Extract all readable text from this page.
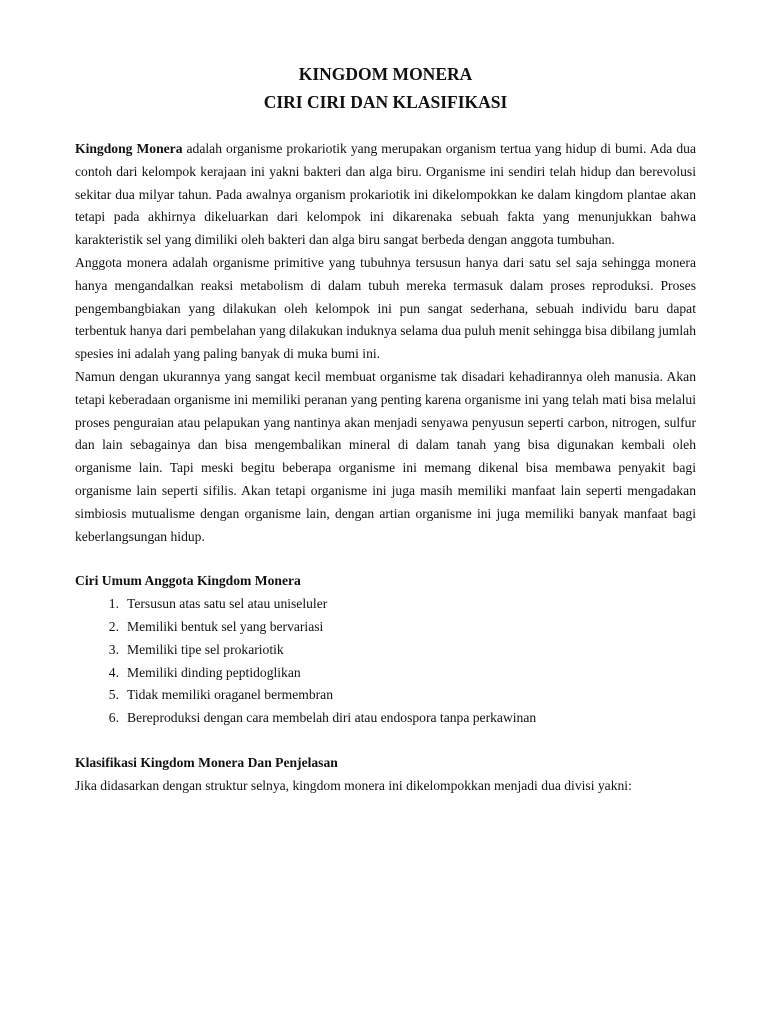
KINGDOM MONERA
CIRI CIRI DAN KLASIFIKASI

Kingdong Monera adalah organisme prokariotik yang merupakan organism tertua yang hidup di bumi. Ada dua contoh dari kelompok kerajaan ini yakni bakteri dan alga biru. Organisme ini sendiri telah hidup dan berevolusi sekitar dua milyar tahun. Pada awalnya organism prokariotik ini dikelompokkan ke dalam kingdom plantae akan tetapi pada akhirnya dikeluarkan dari kelompok ini dikarenaka sebuah fakta yang menunjukkan bahwa karakteristik sel yang dimiliki oleh bakteri dan alga biru sangat berbeda dengan anggota tumbuhan.

Anggota monera adalah organisme primitive yang tubuhnya tersusun hanya dari satu sel saja sehingga monera hanya mengandalkan reaksi metabolism di dalam tubuh mereka termasuk dalam proses reproduksi. Proses pengembangbiakan yang dilakukan oleh kelompok ini pun sangat sederhana, sebuah individu baru dapat terbentuk hanya dari pembelahan yang dilakukan induknya selama dua puluh menit sehingga bisa dibilang jumlah spesies ini adalah yang paling banyak di muka bumi ini.

Namun dengan ukurannya yang sangat kecil membuat organisme tak disadari kehadirannya oleh manusia. Akan tetapi keberadaan organisme ini memiliki peranan yang penting karena organisme ini yang telah mati bisa melalui proses penguraian atau pelapukan yang nantinya akan menjadi senyawa penyusun seperti carbon, nitrogen, sulfur dan lain sebagainya dan bisa mengembalikan mineral di dalam tanah yang bisa digunakan kembali oleh organisme lain. Tapi meski begitu beberapa organisme ini memang dikenal bisa membawa penyakit bagi organisme lain seperti sifilis. Akan tetapi organisme ini juga masih memiliki manfaat lain seperti mengadakan simbiosis mutualisme dengan organisme lain, dengan artian organisme ini juga memiliki banyak manfaat bagi keberlangsungan hidup.

Ciri Umum Anggota Kingdom Monera

1. Tersusun atas satu sel atau uniseluler
2. Memiliki bentuk sel yang bervariasi
3. Memiliki tipe sel prokariotik
4. Memiliki dinding peptidoglikan
5. Tidak memiliki oraganel bermembran
6. Bereproduksi dengan cara membelah diri atau endospora tanpa perkawinan

Klasifikasi Kingdom Monera Dan Penjelasan

Jika didasarkan dengan struktur selnya, kingdom monera ini dikelompokkan menjadi dua divisi yakni:
